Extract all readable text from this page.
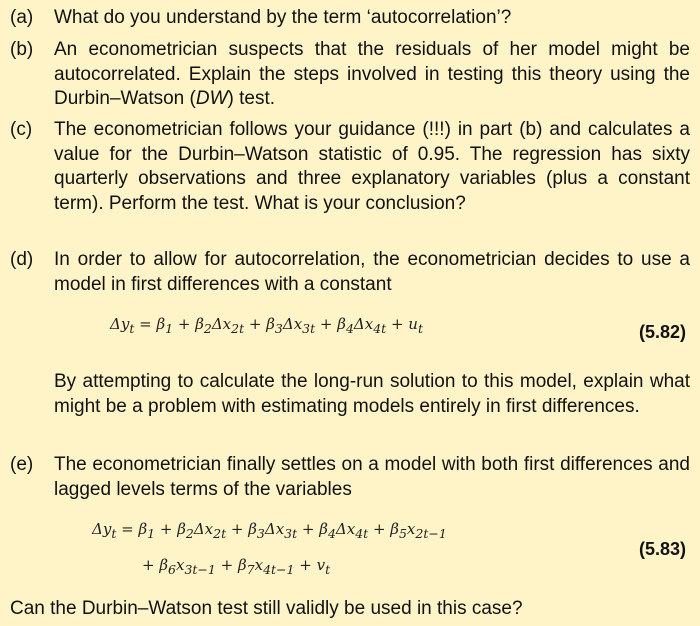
(a) What do you understand by the term ‘autocorrelation’?
(b) An econometrician suspects that the residuals of her model might be autocorrelated. Explain the steps involved in testing this theory using the Durbin–Watson (DW) test.
(c) The econometrician follows your guidance (!!!) in part (b) and calculates a value for the Durbin–Watson statistic of 0.95. The regression has sixty quarterly observations and three explanatory variables (plus a constant term). Perform the test. What is your conclusion?
(d) In order to allow for autocorrelation, the econometrician decides to use a model in first differences with a constant
$\Delta y_t = \beta_1 + \beta_2\Delta x_{2t} + \beta_3\Delta x_{3t} + \beta_4\Delta x_{4t} + u_t$	(5.82)
By attempting to calculate the long-run solution to this model, explain what might be a problem with estimating models entirely in first differences.
(e) The econometrician finally settles on a model with both first differences and lagged levels terms of the variables
$\Delta y_t = \beta_1 + \beta_2\Delta x_{2t} + \beta_3\Delta x_{3t} + \beta_4\Delta x_{4t} + \beta_5x_{2t-1}$
+ $\beta_6x_{3t-1} + \beta_7x_{4t-1} + v_t$
(5.83)
Can the Durbin–Watson test still validly be used in this case?
